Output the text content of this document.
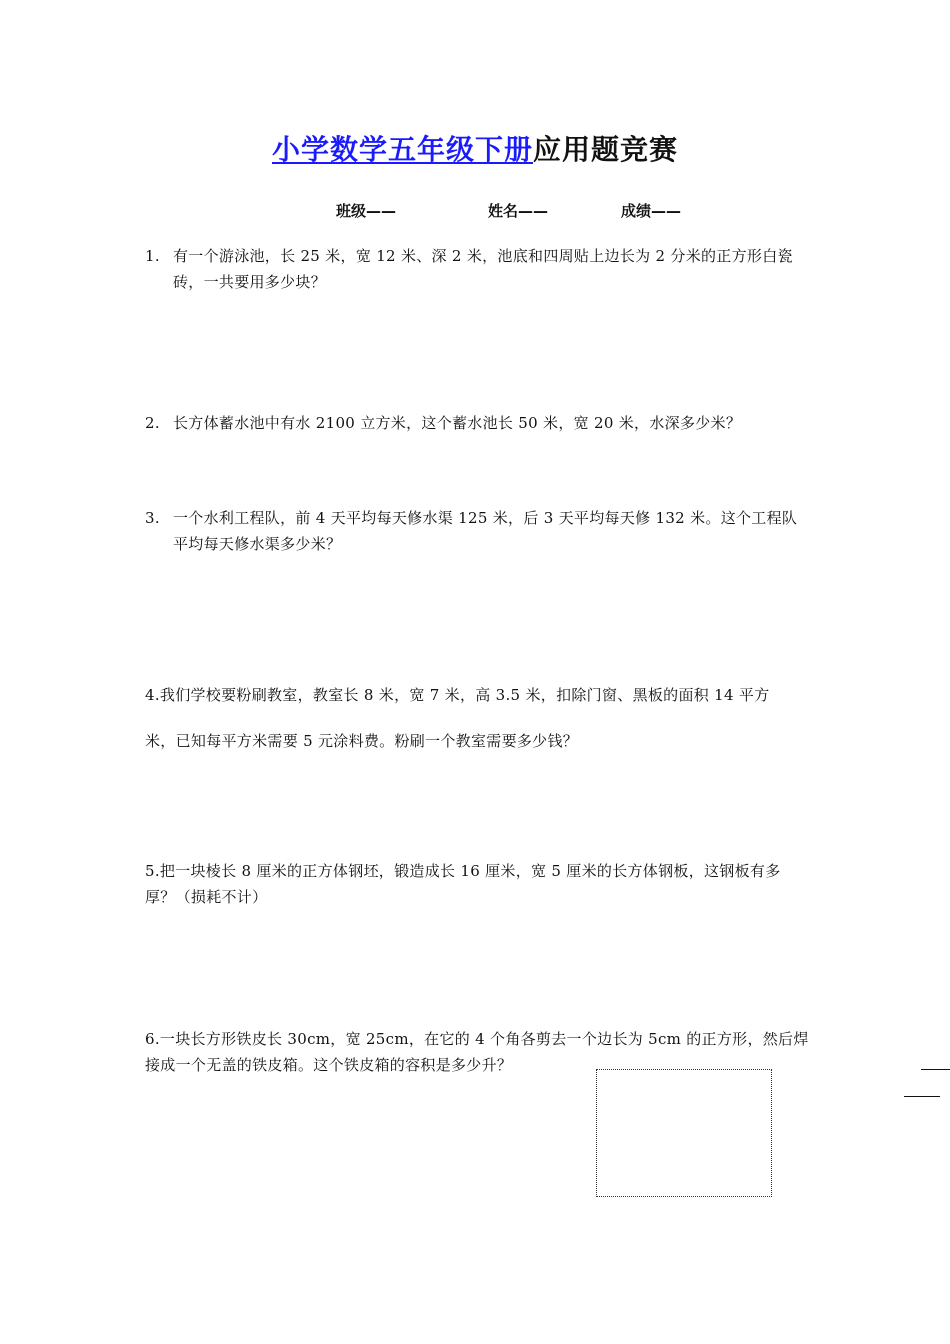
小学数学五年级下册应用题竞赛
班级——	姓名——	成绩——
1. 有一个游泳池，长 25 米，宽 12 米、深 2 米，池底和四周贴上边长为 2 分米的正方形白瓷
砖，一共要用多少块？
2. 长方体蓄水池中有水 2100 立方米，这个蓄水池长 50 米，宽 20 米，水深多少米？
3. 一个水利工程队，前 4 天平均每天修水渠 125 米，后 3 天平均每天修 132 米。这个工程队
平均每天修水渠多少米？
4.我们学校要粉刷教室，教室长 8 米，宽 7 米，高 3.5 米，扣除门窗、黑板的面积 14 平方
米，已知每平方米需要 5 元涂料费。粉刷一个教室需要多少钱？
5.把一块棱长 8 厘米的正方体钢坯，锻造成长 16 厘米，宽 5 厘米的长方体钢板，这钢板有多
厚？（损耗不计）
6.一块长方形铁皮长 30cm，宽 25cm，在它的 4 个角各剪去一个边长为 5cm 的正方形，然后焊
接成一个无盖的铁皮箱。这个铁皮箱的容积是多少升？
